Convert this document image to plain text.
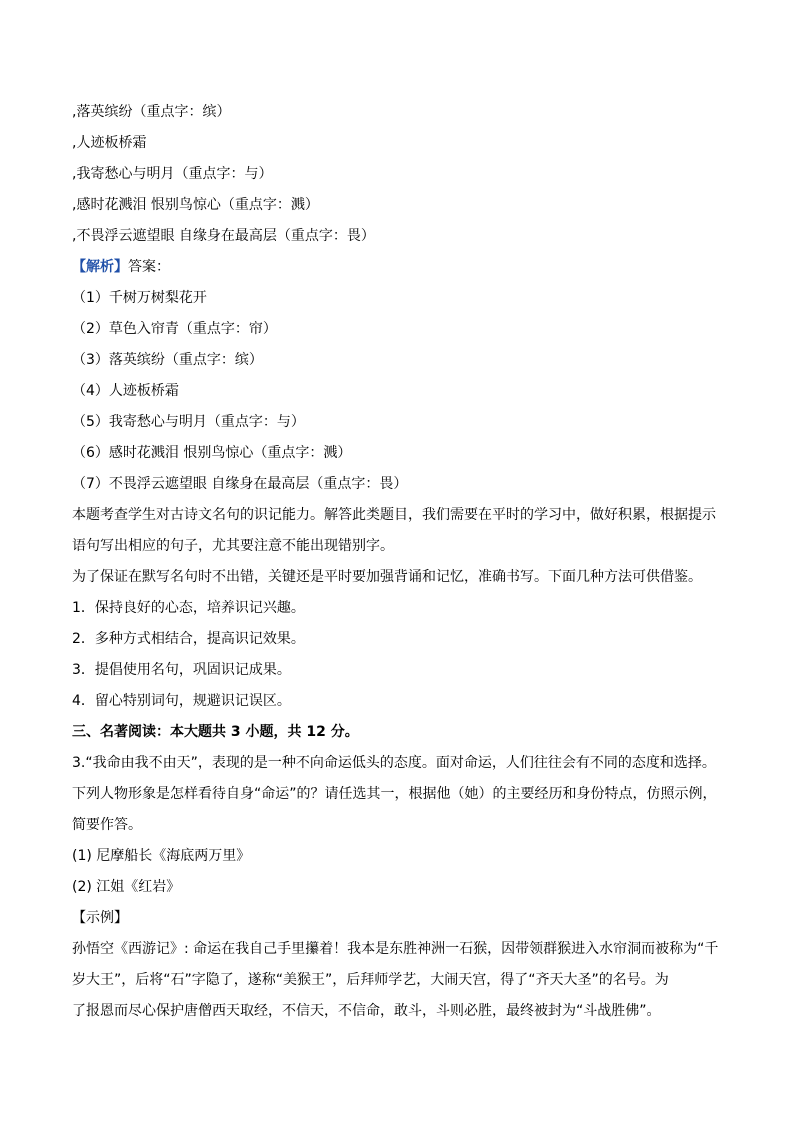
,落英缤纷（重点字：缤）
,人迹板桥霜
,我寄愁心与明月（重点字：与）
,感时花溅泪 恨别鸟惊心（重点字：溅）
,不畏浮云遮望眼 自缘身在最高层（重点字：畏）
【解析】答案：
（1）千树万树梨花开
（2）草色入帘青（重点字：帘）
（3）落英缤纷（重点字：缤）
（4）人迹板桥霜
（5）我寄愁心与明月（重点字：与）
（6）感时花溅泪 恨别鸟惊心（重点字：溅）
（7）不畏浮云遮望眼 自缘身在最高层（重点字：畏）
本题考查学生对古诗文名句的识记能力。解答此类题目，我们需要在平时的学习中，做好积累，根据提示
语句写出相应的句子，尤其要注意不能出现错别字。
为了保证在默写名句时不出错，关键还是平时要加强背诵和记忆，准确书写。下面几种方法可供借鉴。
1．保持良好的心态，培养识记兴趣。
2．多种方式相结合，提高识记效果。
3．提倡使用名句，巩固识记成果。
4．留心特别词句，规避识记误区。
三、名著阅读：本大题共 3 小题，共 12 分。
3.“我命由我不由天”，表现的是一种不向命运低头的态度。面对命运，人们往往会有不同的态度和选择。
下列人物形象是怎样看待自身“命运”的？请任选其一，根据他（她）的主要经历和身份特点，仿照示例，
简要作答。
(1) 尼摩船长《海底两万里》
(2) 江姐《红岩》
【示例】
孙悟空《西游记》: 命运在我自己手里攥着！我本是东胜神洲一石猴，因带领群猴进入水帘洞而被称为“千
岁大王”，后将“石”字隐了，遂称“美猴王”，后拜师学艺，大闹天宫，得了“齐天大圣”的名号。为
了报恩而尽心保护唐僧西天取经，不信天，不信命，敢斗，斗则必胜，最终被封为“斗战胜佛”。
